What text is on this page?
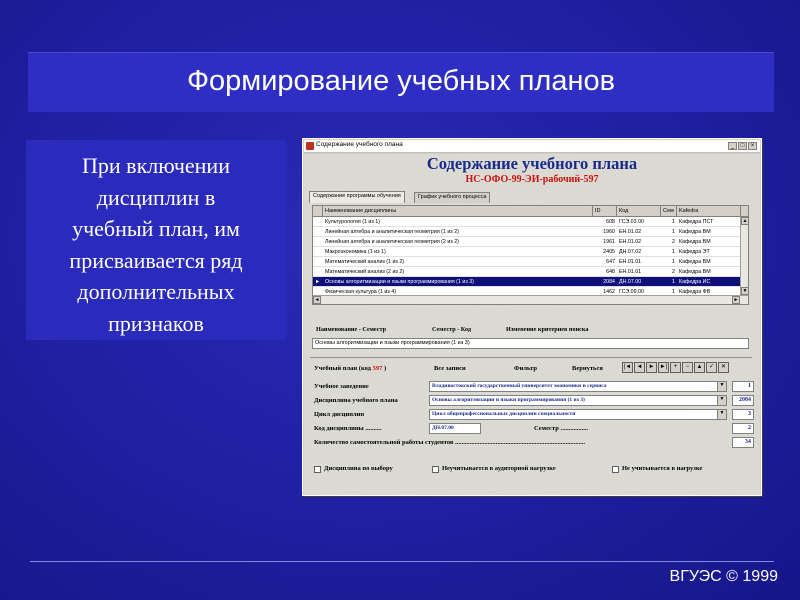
Формирование учебных планов
При включении
дисциплин в
учебный план, им
присваивается ряд
дополнительных
признаков
Содержание учебного плана	_	□	×
Содержание учебного плана
НС-ОФО-99-ЭИ-рабочий-597
Содержание программы обучения	График учебного процесса
Наименование дисциплины	ID	Код	Сем Kafedra
Культурология (1 из 1)	608 ГСЭ.03.00	1 Кафедра ПСТ
Линейная алгебра и аналитическая геометрия (1 из 2)	1960 ЕН.01.02	1 Кафедра ВМ
Линейная алгебра и аналитическая геометрия (2 из 2)	1961 ЕН.01.02	2 Кафедра ВМ
Макроэкономика (1 из 1)	2405 ДН.07.02	1 Кафедра ЭТ
Математический анализ (1 из 2)	647 ЕН.01.01	1 Кафедра ВМ
Математический анализ (2 из 2)	648 ЕН.01.01	2 Кафедра ВМ
► Основы алгоритмизации и языки программирования (1 из 3)	2084 ДН.07.00	1 Кафедра ИС
Физическая культура (1 из 4)	1462 ГСЭ.09.00	1 Кафедра ФВ
▲
▼
◄	►
Наименование - Семестр	Семестр - Код	Изменение критериев поиска
Основы алгоритмизации и языки программирования (1 из 3)
Учебный план (код 597 )	Все записи	Фильтр	Вернуться	|◄ ◄	► ►|	+	−	▲	✓	✕
Учебное заведение	Владивостокский государственный университет экономики и сервиса	▼	1
Дисциплина учебного плана	Основы алгоритмизации и языки программирования (1 из 3)	▼	2084
Цикл дисциплин	Цикл общепрофессиональных дисциплин специальности	▼	3
Код дисциплины ..........	ДН.07.00	Семестр .................	2
Количество самостоятельной работы студентов ................................................................................	34
Дисциплина по выбору	Неучитывается в аудиторной нагрузке	Не учитывается в нагрузке
ВГУЭС © 1999
